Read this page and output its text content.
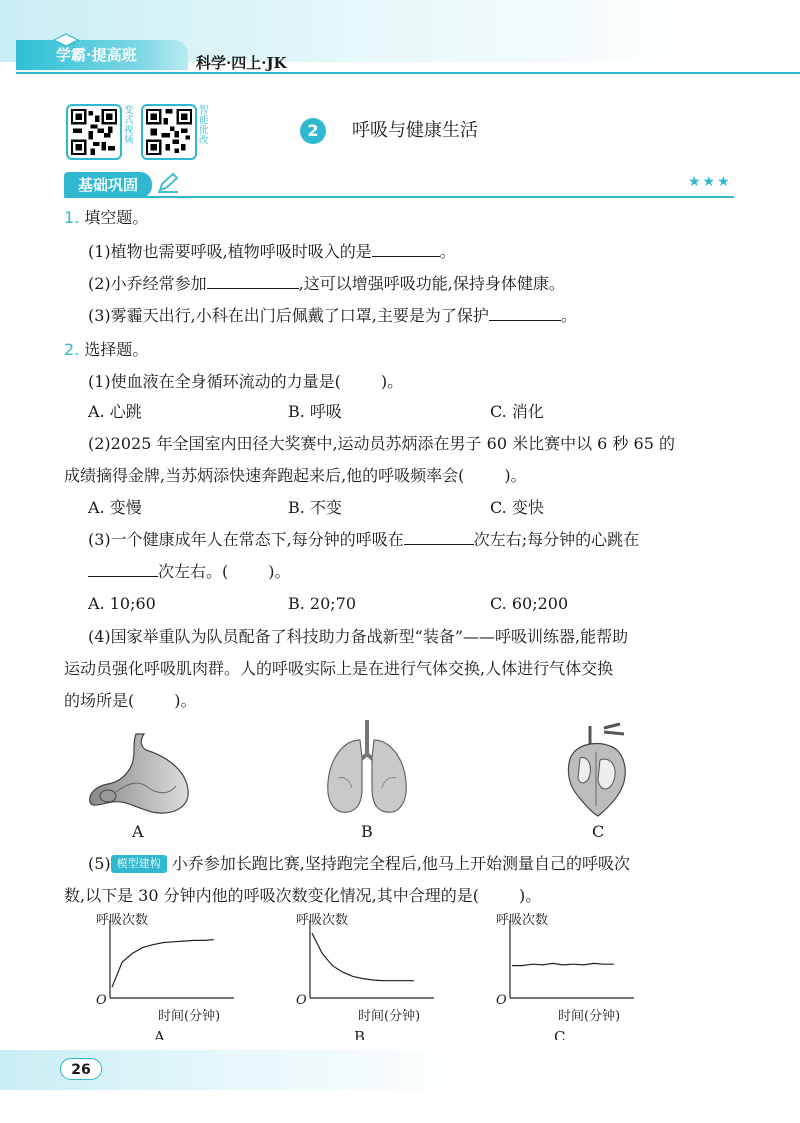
学霸·提高班	科学·四上·JK
变式视频
智能批改
2	呼吸与健康生活
基础巩固	★★★
1. 填空题。
(1)植物也需要呼吸,植物呼吸时吸入的是	。
(2)小乔经常参加	,这可以增强呼吸功能,保持身体健康。
(3)雾霾天出行,小科在出门后佩戴了口罩,主要是为了保护	。
2. 选择题。
(1)使血液在全身循环流动的力量是(	)。
A. 心跳	B. 呼吸	C. 消化
(2)2025 年全国室内田径大奖赛中,运动员苏炳添在男子 60 米比赛中以 6 秒 65 的
成绩摘得金牌,当苏炳添快速奔跑起来后,他的呼吸频率会(	)。
A. 变慢	B. 不变	C. 变快
(3)一个健康成年人在常态下,每分钟的呼吸在	次左右;每分钟的心跳在
次左右。(	)。
A. 10;60	B. 20;70	C. 60;200
(4)国家举重队为队员配备了科技助力备战新型“装备”——呼吸训练器,能帮助
运动员强化呼吸肌肉群。人的呼吸实际上是在进行气体交换,人体进行气体交换
的场所是(	)。
A	B	C
(5) 模型建构 小乔参加长跑比赛,坚持跑完全程后,他马上开始测量自己的呼吸次
数,以下是 30 分钟内他的呼吸次数变化情况,其中合理的是(	)。
呼吸次数
时间(分钟)
O
A
呼吸次数
时间(分钟)
O
B
呼吸次数
时间(分钟)
O
C
26
